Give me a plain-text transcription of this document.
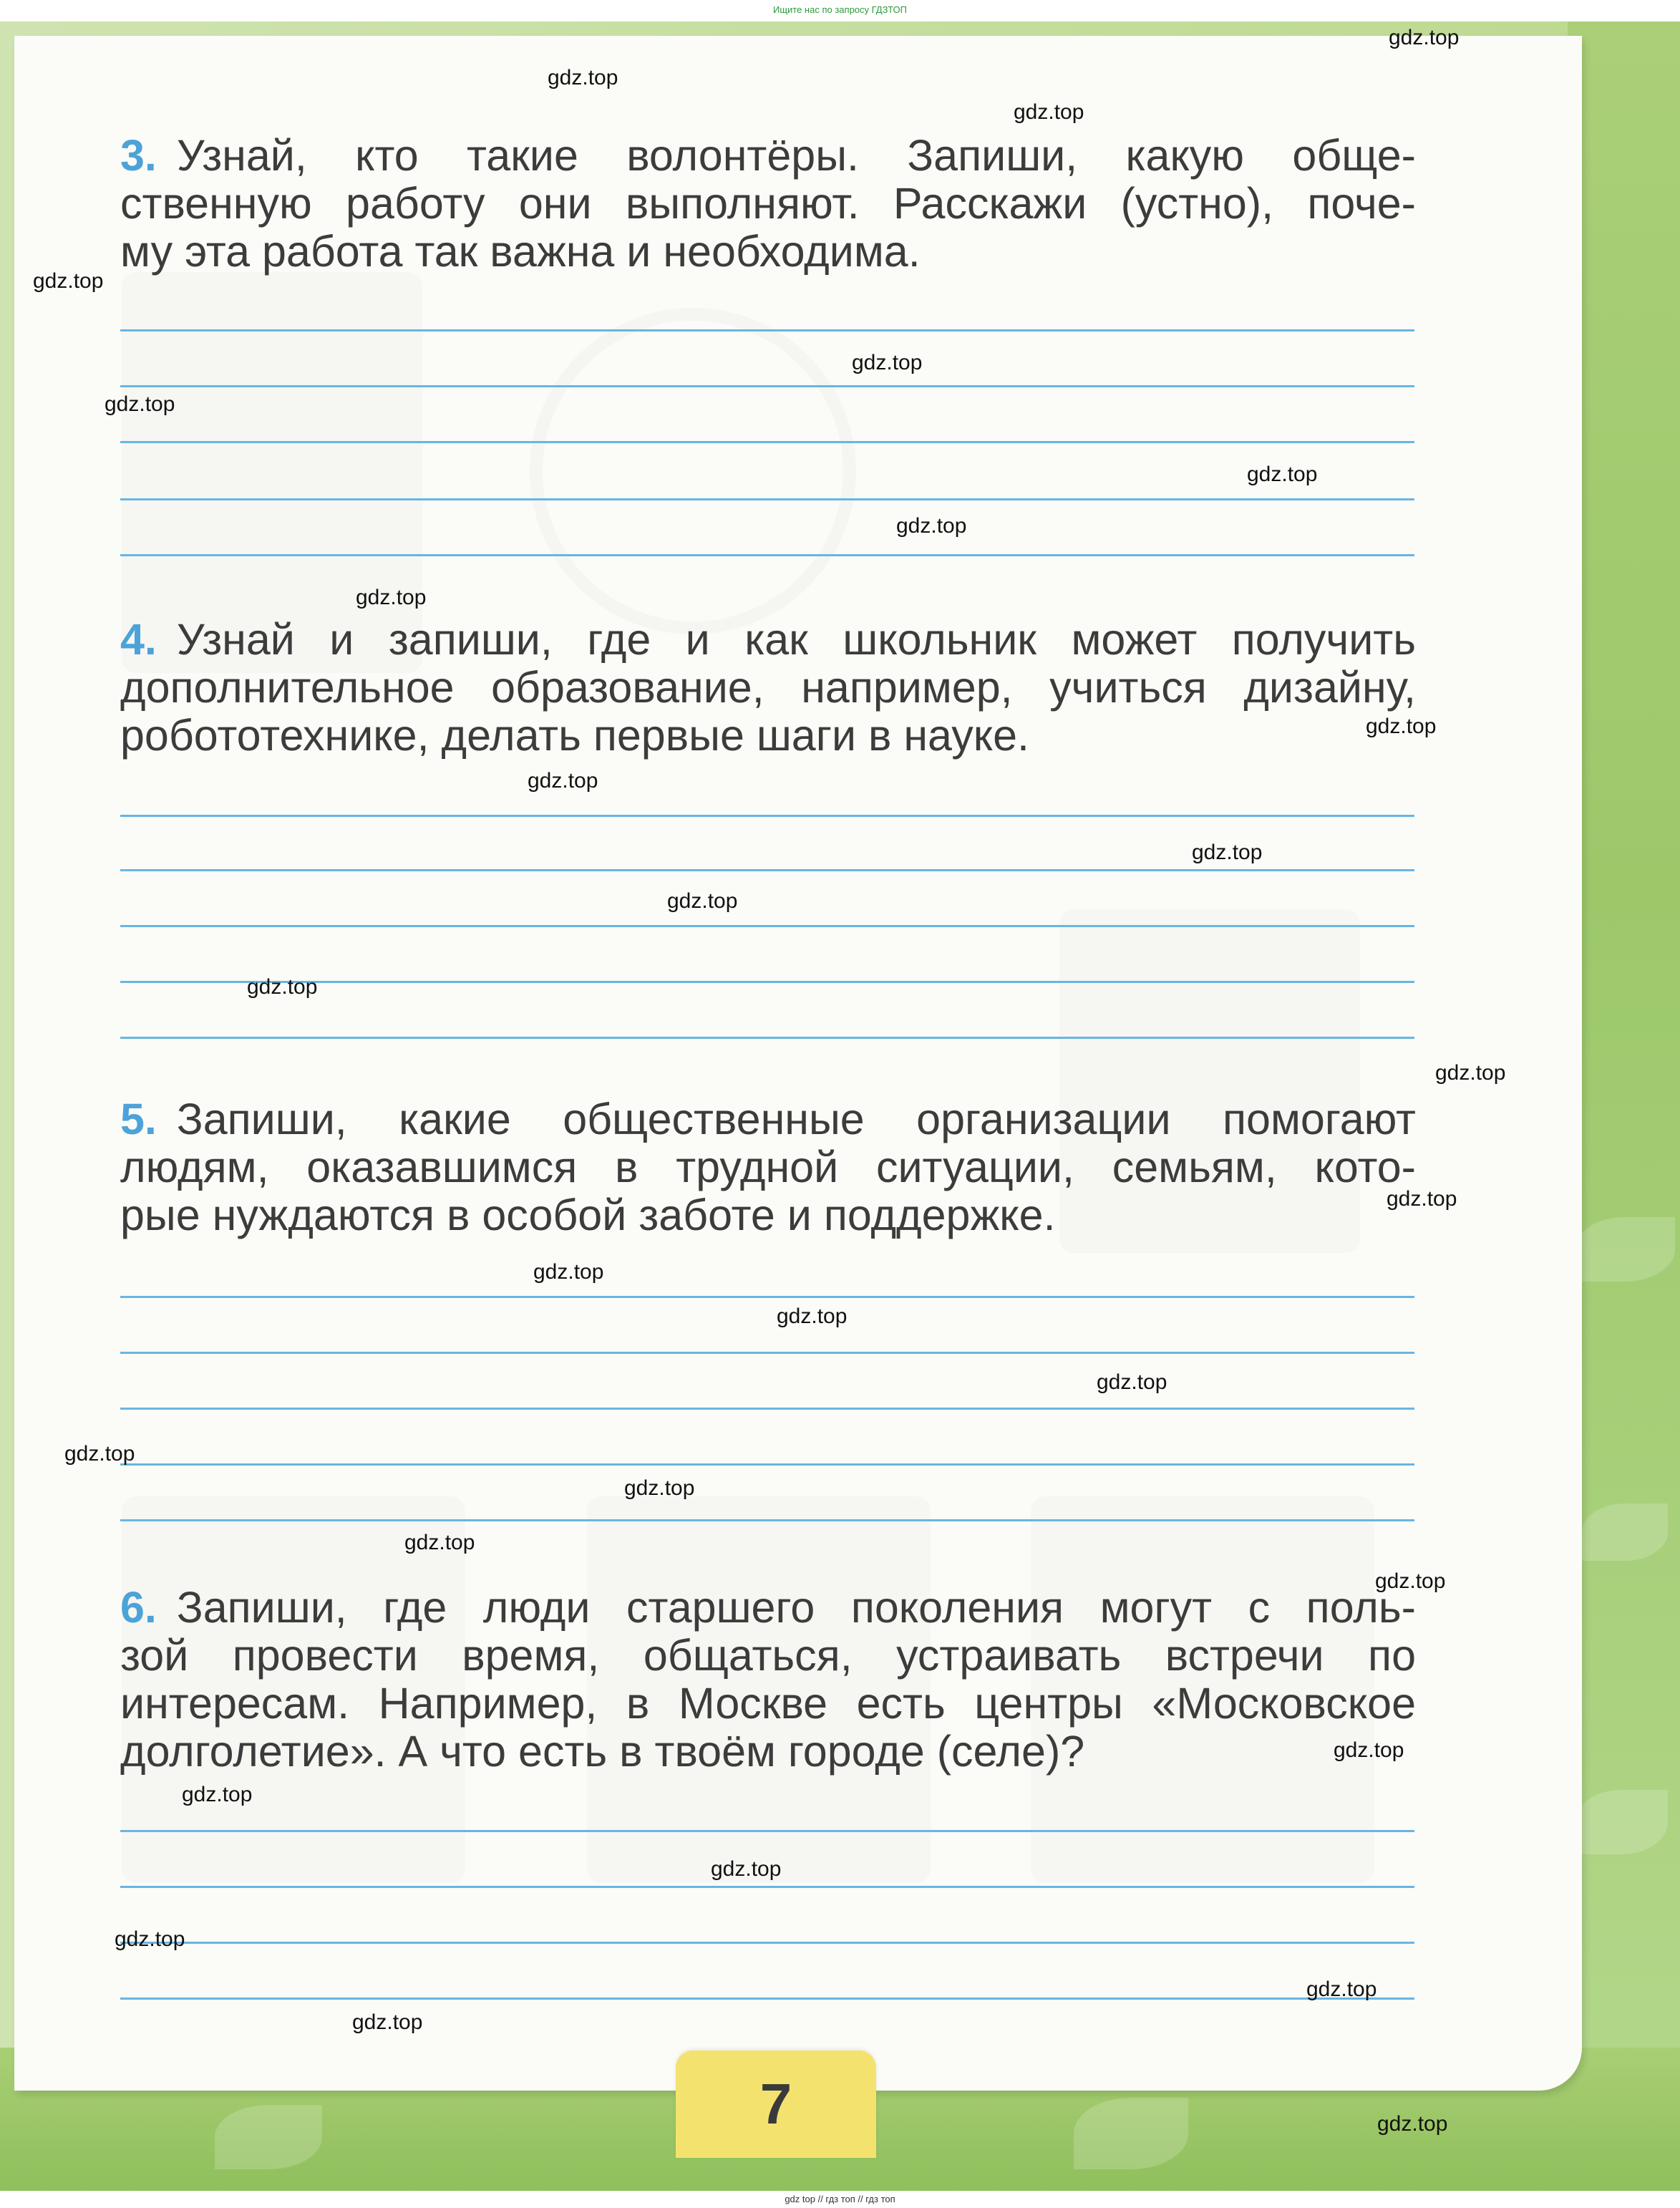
Ищите нас по запросу ГДЗТОП
3. Узнай, кто такие волонтёры. Запиши, какую обще-
ственную работу они выполняют. Расскажи (устно), поче-
му эта работа так важна и необходима.
4. Узнай и запиши, где и как школьник может получить
дополнительное образование, например, учиться дизайну,
робототехнике, делать первые шаги в науке.
5. Запиши, какие общественные организации помогают
людям, оказавшимся в трудной ситуации, семьям, кото-
рые нуждаются в особой заботе и поддержке.
6. Запиши, где люди старшего поколения могут с поль-
зой провести время, общаться, устраивать встречи по
интересам. Например, в Москве есть центры «Московское
долголетие». А что есть в твоём городе (селе)?
7
gdz.top
gdz.top
gdz.top
gdz.top
gdz.top
gdz.top
gdz.top
gdz.top
gdz.top
gdz.top
gdz.top
gdz.top
gdz.top
gdz.top
gdz.top
gdz.top
gdz.top
gdz.top
gdz.top
gdz.top
gdz.top
gdz.top
gdz.top
gdz.top
gdz.top
gdz.top
gdz.top
gdz.top
gdz.top
gdz.top
gdz top // гдз топ // гдз топ
